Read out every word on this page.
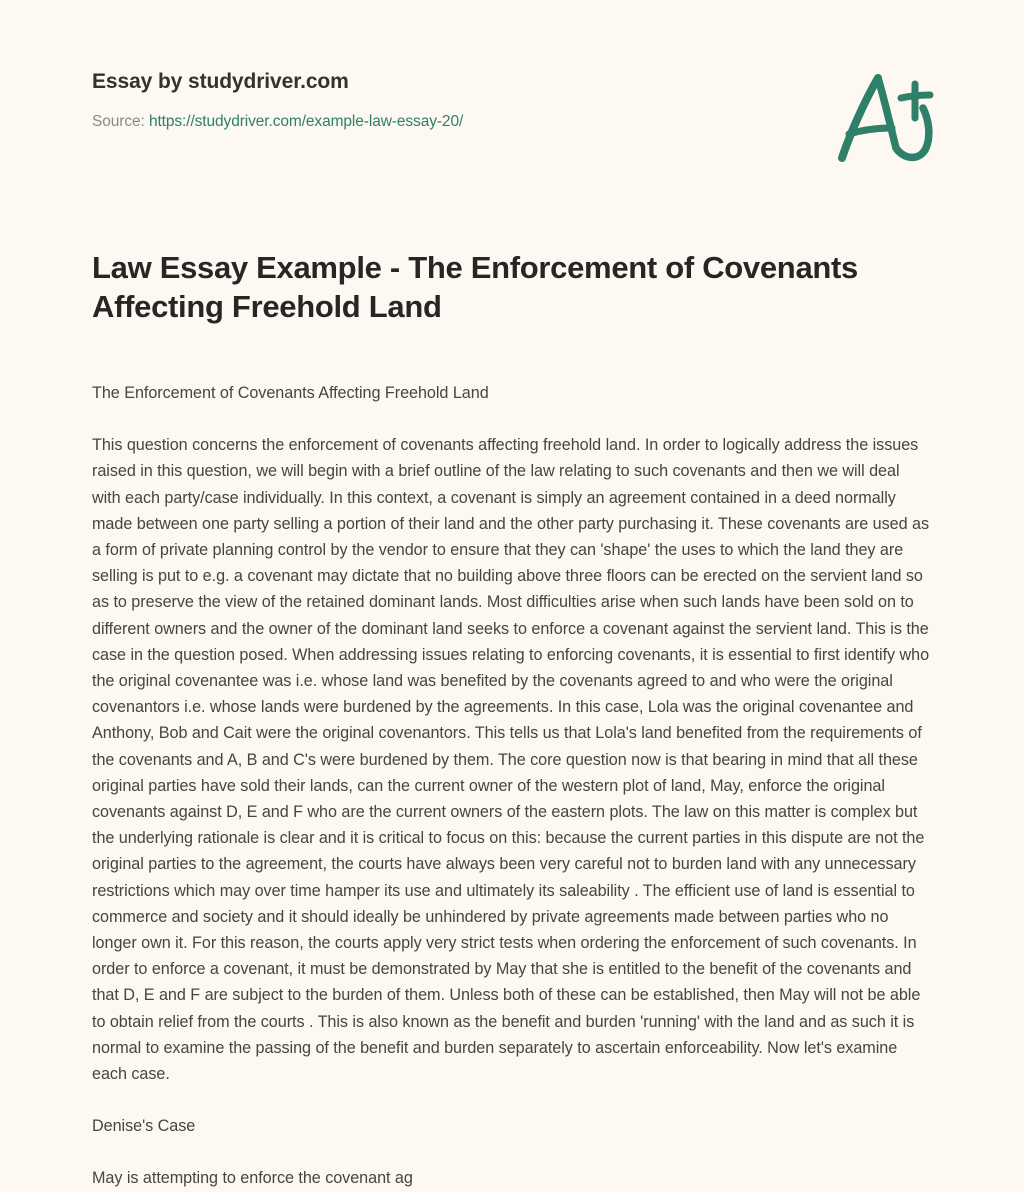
Essay by studydriver.com
Source: https://studydriver.com/example-law-essay-20/
Law Essay Example - The Enforcement of Covenants Affecting Freehold Land

The Enforcement of Covenants Affecting Freehold Land

This question concerns the enforcement of covenants affecting freehold land. In order to logically address the issues raised in this question, we will begin with a brief outline of the law relating to such covenants and then we will deal with each party/case individually. In this context, a covenant is simply an agreement contained in a deed normally made between one party selling a portion of their land and the other party purchasing it. These covenants are used as a form of private planning control by the vendor to ensure that they can 'shape' the uses to which the land they are selling is put to e.g. a covenant may dictate that no building above three floors can be erected on the servient land so as to preserve the view of the retained dominant lands. Most difficulties arise when such lands have been sold on to different owners and the owner of the dominant land seeks to enforce a covenant against the servient land. This is the case in the question posed. When addressing issues relating to enforcing covenants, it is essential to first identify who the original covenantee was i.e. whose land was benefited by the covenants agreed to and who were the original covenantors i.e. whose lands were burdened by the agreements. In this case, Lola was the original covenantee and Anthony, Bob and Cait were the original covenantors. This tells us that Lola's land benefited from the requirements of the covenants and A, B and C's were burdened by them. The core question now is that bearing in mind that all these original parties have sold their lands, can the current owner of the western plot of land, May, enforce the original covenants against D, E and F who are the current owners of the eastern plots. The law on this matter is complex but the underlying rationale is clear and it is critical to focus on this: because the current parties in this dispute are not the original parties to the agreement, the courts have always been very careful not to burden land with any unnecessary restrictions which may over time hamper its use and ultimately its saleability . The efficient use of land is essential to commerce and society and it should ideally be unhindered by private agreements made between parties who no longer own it. For this reason, the courts apply very strict tests when ordering the enforcement of such covenants. In order to enforce a covenant, it must be demonstrated by May that she is entitled to the benefit of the covenants and that D, E and F are subject to the burden of them. Unless both of these can be established, then May will not be able to obtain relief from the courts . This is also known as the benefit and burden 'running' with the land and as such it is normal to examine the passing of the benefit and burden separately to ascertain enforceability. Now let's examine each case.

Denise's Case

May is attempting to enforce the covenant ag
